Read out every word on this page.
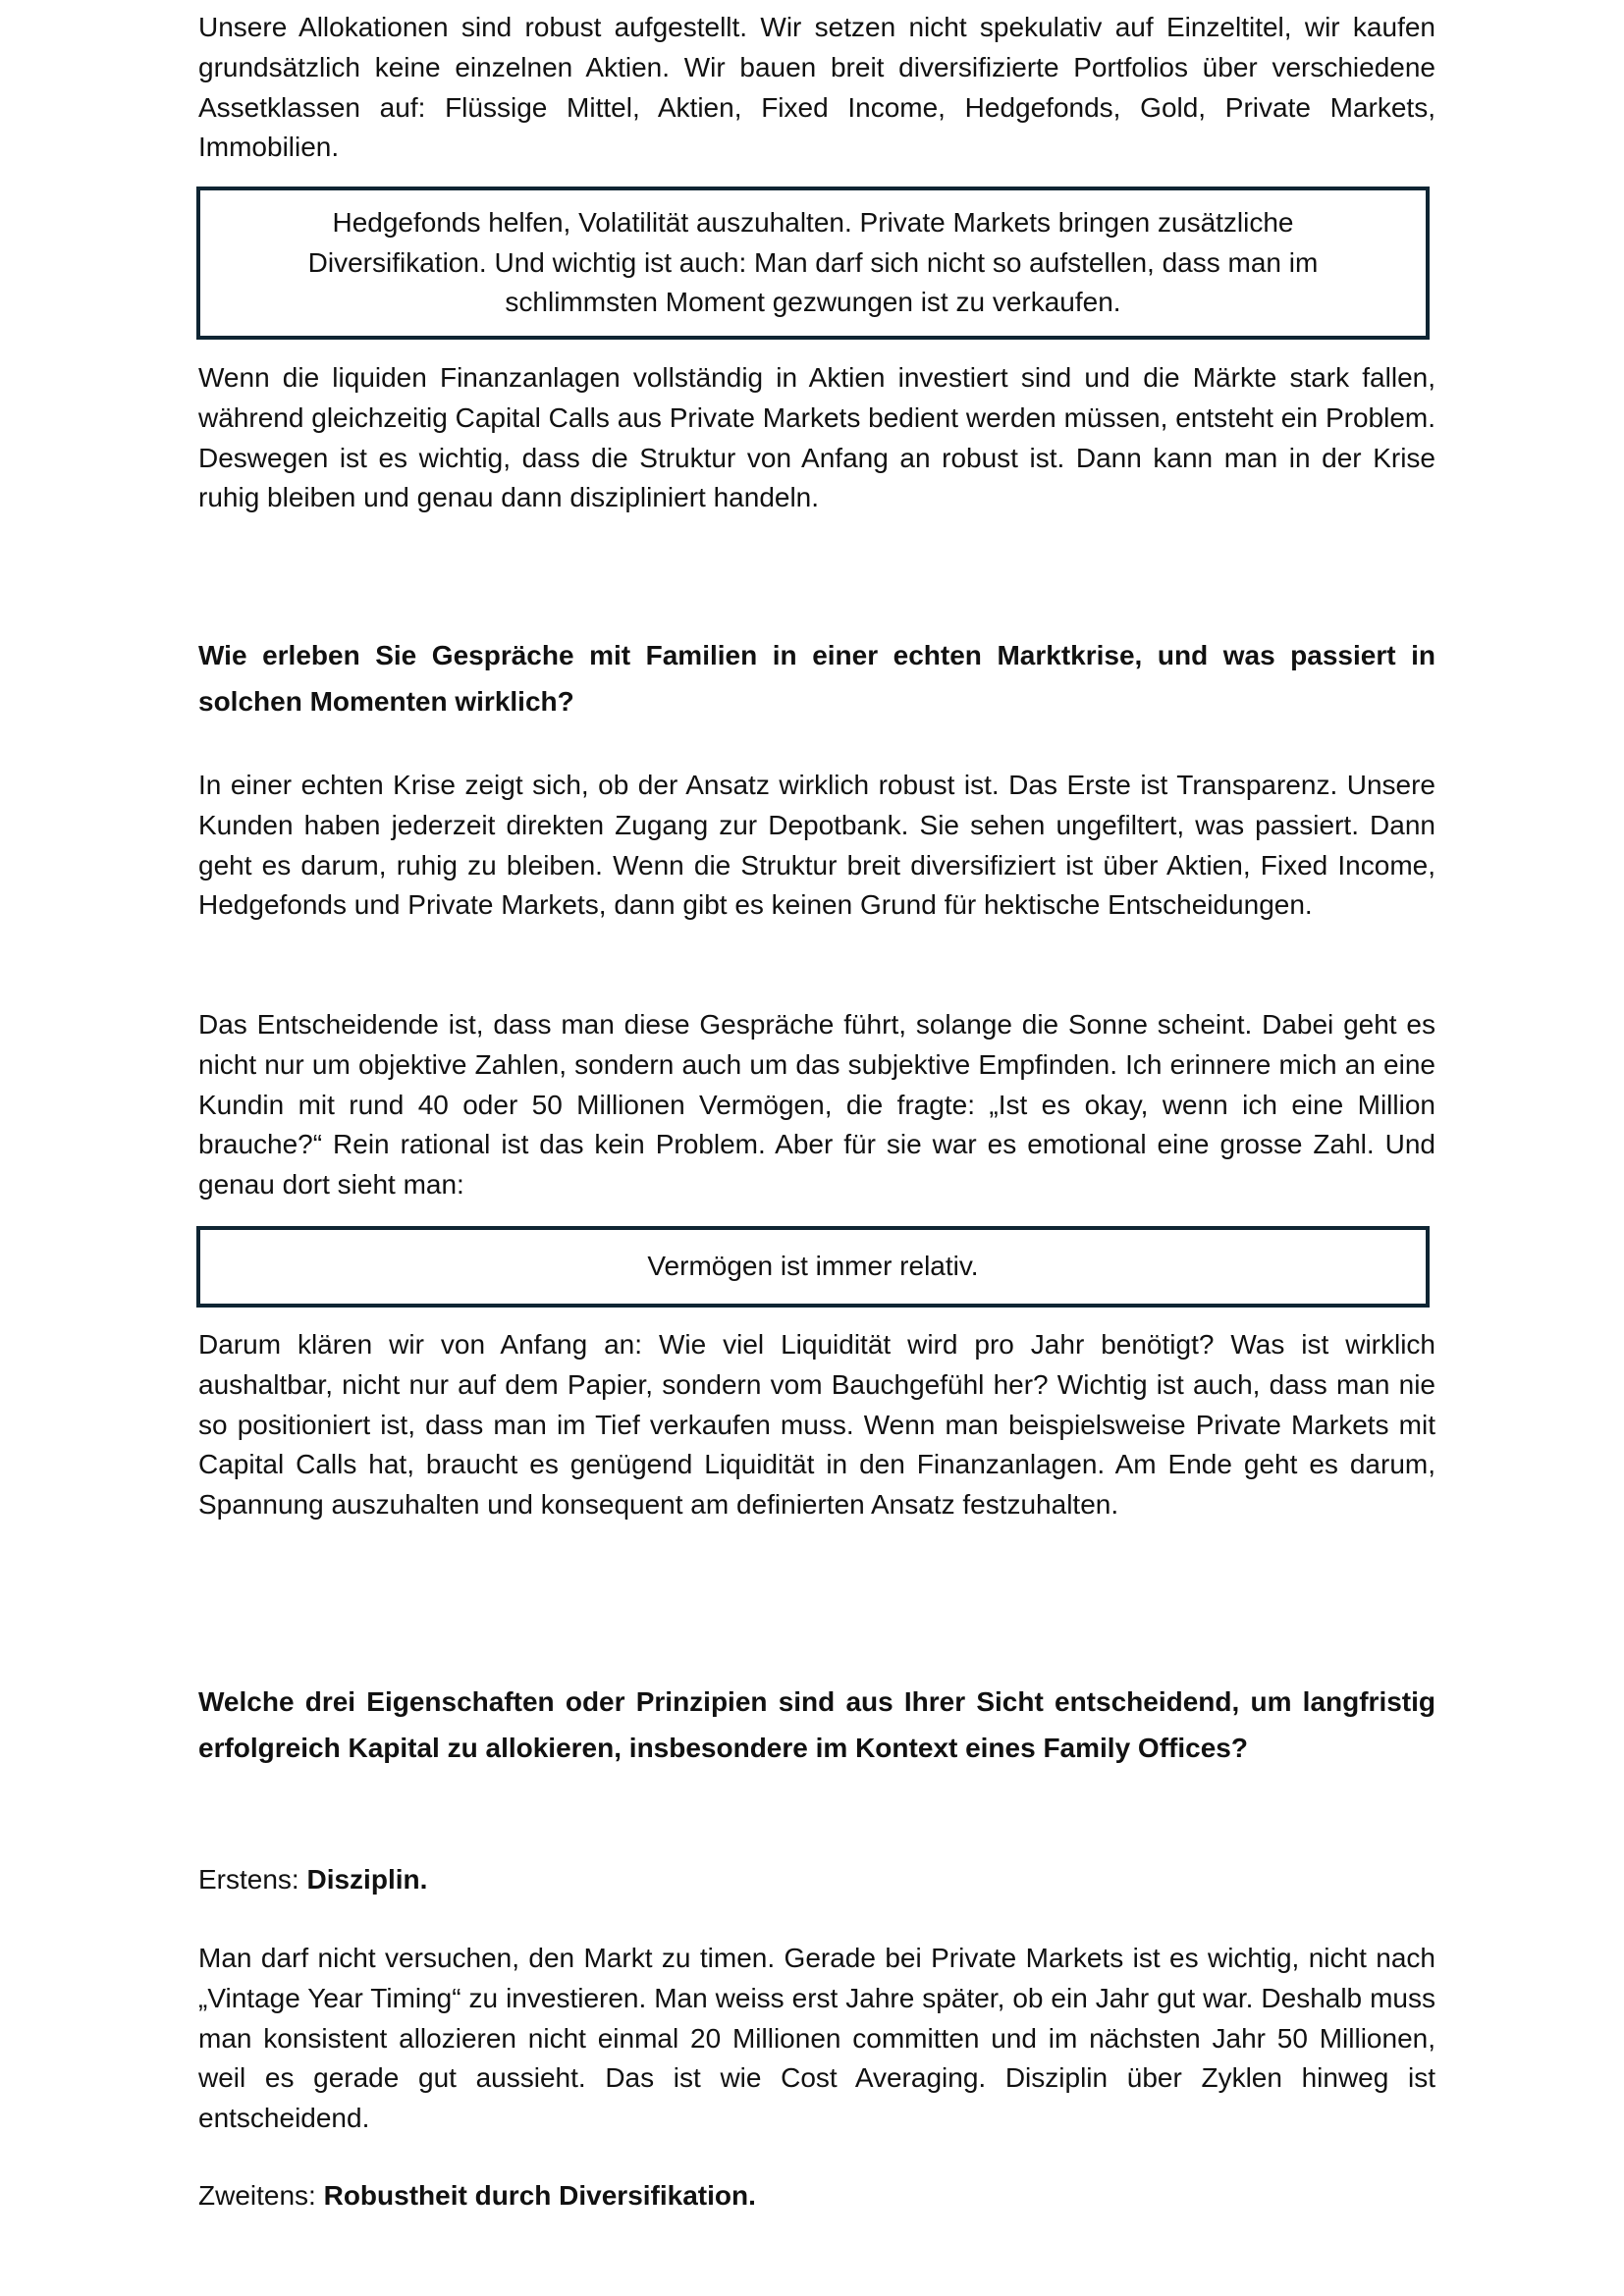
Unsere Allokationen sind robust aufgestellt. Wir setzen nicht spekulativ auf Einzeltitel, wir kaufen grundsätzlich keine einzelnen Aktien. Wir bauen breit diversifizierte Portfolios über verschiedene Assetklassen auf: Flüssige Mittel, Aktien, Fixed Income, Hedgefonds, Gold, Private Markets, Immobilien.

Hedgefonds helfen, Volatilität auszuhalten. Private Markets bringen zusätzliche Diversifikation. Und wichtig ist auch: Man darf sich nicht so aufstellen, dass man im schlimmsten Moment gezwungen ist zu verkaufen.

Wenn die liquiden Finanzanlagen vollständig in Aktien investiert sind und die Märkte stark fallen, während gleichzeitig Capital Calls aus Private Markets bedient werden müssen, entsteht ein Problem. Deswegen ist es wichtig, dass die Struktur von Anfang an robust ist. Dann kann man in der Krise ruhig bleiben und genau dann diszipliniert handeln.

Wie erleben Sie Gespräche mit Familien in einer echten Marktkrise, und was passiert in solchen Momenten wirklich?

In einer echten Krise zeigt sich, ob der Ansatz wirklich robust ist. Das Erste ist Transparenz. Unsere Kunden haben jederzeit direkten Zugang zur Depotbank. Sie sehen ungefiltert, was passiert. Dann geht es darum, ruhig zu bleiben. Wenn die Struktur breit diversifiziert ist über Aktien, Fixed Income, Hedgefonds und Private Markets, dann gibt es keinen Grund für hektische Entscheidungen.

Das Entscheidende ist, dass man diese Gespräche führt, solange die Sonne scheint. Dabei geht es nicht nur um objektive Zahlen, sondern auch um das subjektive Empfinden. Ich erinnere mich an eine Kundin mit rund 40 oder 50 Millionen Vermögen, die fragte: „Ist es okay, wenn ich eine Million brauche?“ Rein rational ist das kein Problem. Aber für sie war es emotional eine grosse Zahl. Und genau dort sieht man:

Vermögen ist immer relativ.

Darum klären wir von Anfang an: Wie viel Liquidität wird pro Jahr benötigt? Was ist wirklich aushaltbar, nicht nur auf dem Papier, sondern vom Bauchgefühl her? Wichtig ist auch, dass man nie so positioniert ist, dass man im Tief verkaufen muss. Wenn man beispielsweise Private Markets mit Capital Calls hat, braucht es genügend Liquidität in den Finanzanlagen. Am Ende geht es darum, Spannung auszuhalten und konsequent am definierten Ansatz festzuhalten.

Welche drei Eigenschaften oder Prinzipien sind aus Ihrer Sicht entscheidend, um langfristig erfolgreich Kapital zu allokieren, insbesondere im Kontext eines Family Offices?

Erstens: Disziplin.

Man darf nicht versuchen, den Markt zu timen. Gerade bei Private Markets ist es wichtig, nicht nach „Vintage Year Timing“ zu investieren. Man weiss erst Jahre später, ob ein Jahr gut war. Deshalb muss man konsistent allozieren nicht einmal 20 Millionen committen und im nächsten Jahr 50 Millionen, weil es gerade gut aussieht. Das ist wie Cost Averaging. Disziplin über Zyklen hinweg ist entscheidend.

Zweitens: Robustheit durch Diversifikation.
